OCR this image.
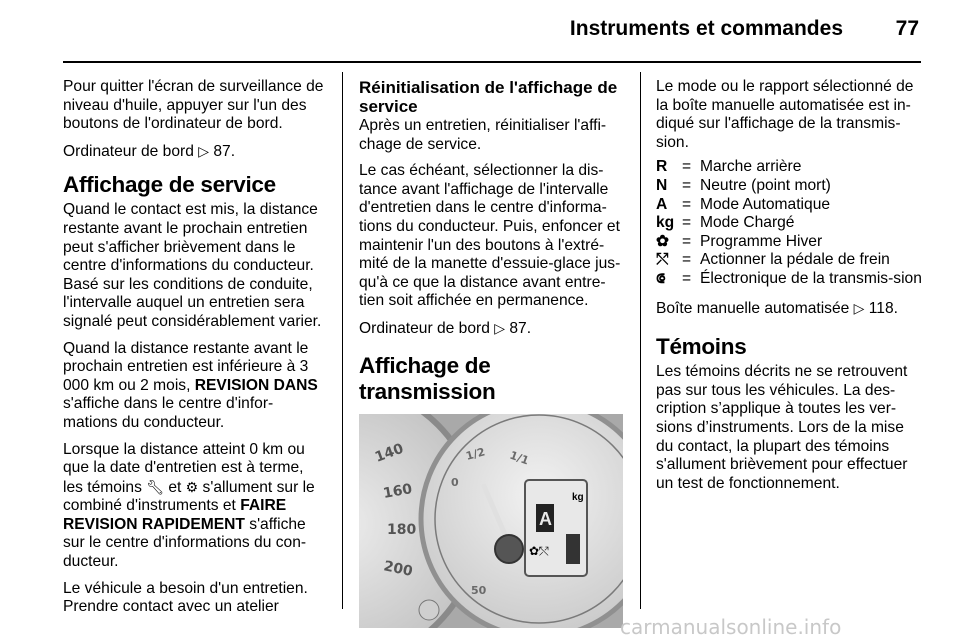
Instruments et commandes	77

Pour quitter l'écran de surveillance de niveau d'huile, appuyer sur l'un des boutons de l'ordinateur de bord.

Ordinateur de bord ▷ 87.

Affichage de service

Quand le contact est mis, la distance restante avant le prochain entretien peut s'afficher brièvement dans le centre d'informations du conducteur. Basé sur les conditions de conduite, l'intervalle auquel un entretien sera signalé peut considérablement varier.

Quand la distance restante avant le prochain entretien est inférieure à 3 000 km ou 2 mois, REVISION DANS s'affiche dans le centre d'infor-mations du conducteur.

Lorsque la distance atteint 0 km ou que la date d'entretien est à terme, les témoins 🔧︎ et ⚙︎ s'allument sur le combiné d'instruments et FAIRE REVISION RAPIDEMENT s'affiche sur le centre d'informations du con-ducteur.

Le véhicule a besoin d'un entretien. Prendre contact avec un atelier

Réinitialisation de l'affichage de service

Après un entretien, réinitialiser l'affi-chage de service.

Le cas échéant, sélectionner la dis-tance avant l'affichage de l'intervalle d'entretien dans le centre d'informa-tions du conducteur. Puis, enfoncer et maintenir l'un des boutons à l'extré-mité de la manette d'essuie-glace jus-qu'à ce que la distance avant entre-tien soit affichée en permanence.

Ordinateur de bord ▷ 87.

Affichage de transmission
140
160
180
200
1/1
1/2
0
50
kg
A
✿⤲

Le mode ou le rapport sélectionné de la boîte manuelle automatisée est in-diqué sur l'affichage de la transmis-sion.

R = Marche arrière
N = Neutre (point mort)
A = Mode Automatique
kg = Mode Chargé
✿ = Programme Hiver
⤲ = Actionner la pédale de frein
⟃	= Électronique de la transmis-sion

Boîte manuelle automatisée ▷ 118.

Témoins

Les témoins décrits ne se retrouvent pas sur tous les véhicules. La des-cription s’applique à toutes les ver-sions d’instruments. Lors de la mise du contact, la plupart des témoins s'allument brièvement pour effectuer un test de fonctionnement.

carmanualsonline.info
